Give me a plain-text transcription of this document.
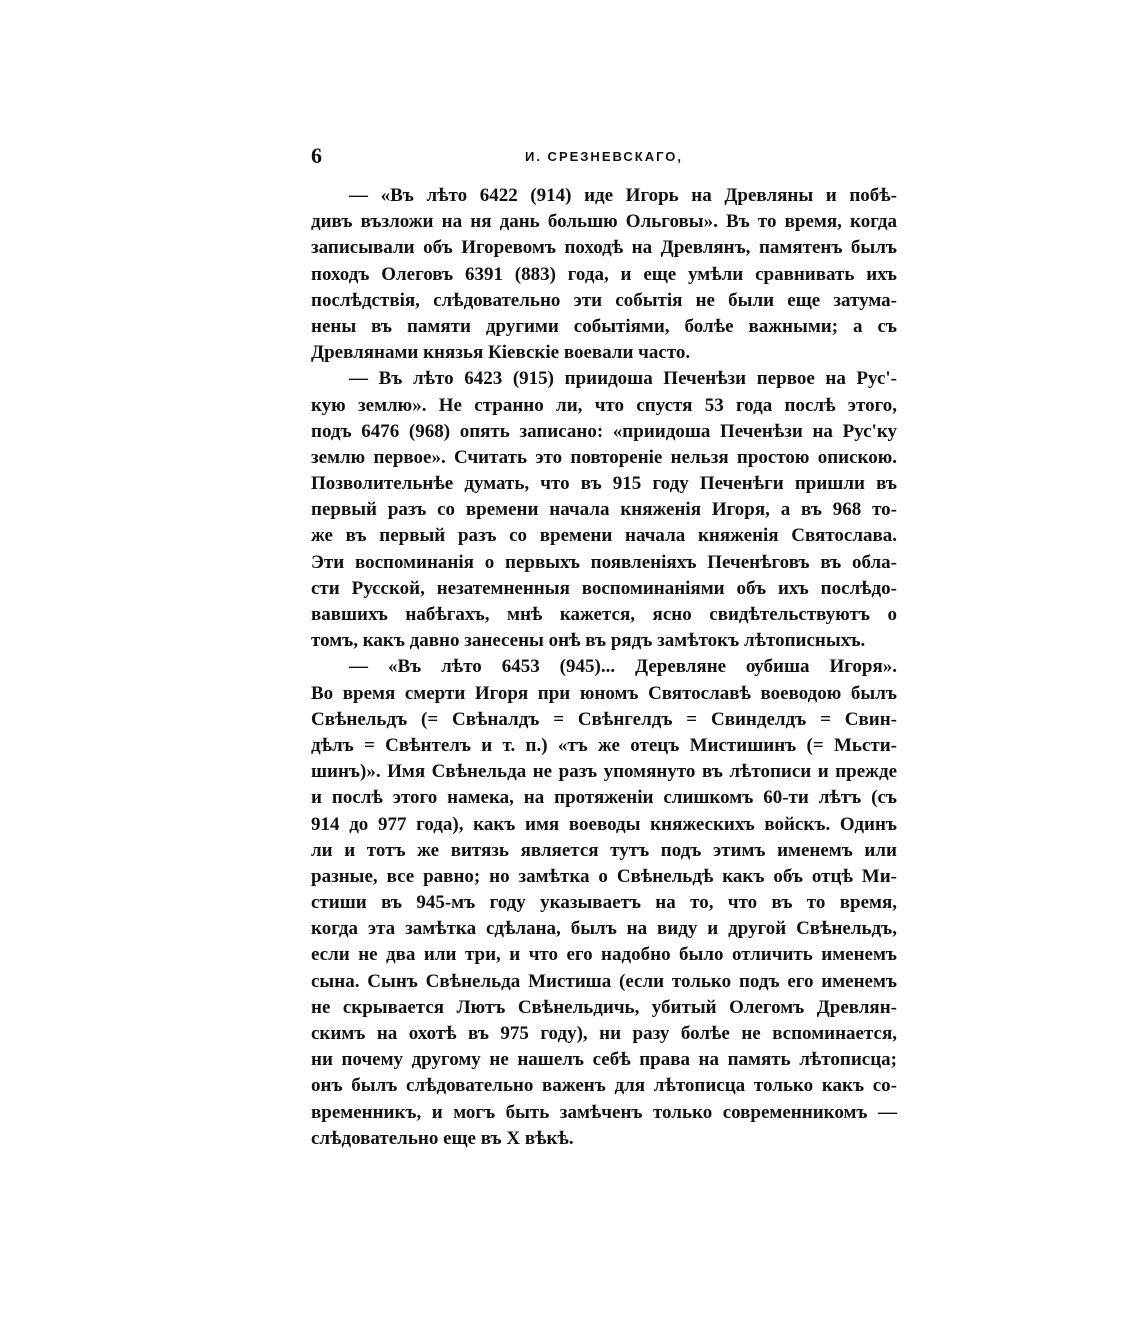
6	И. СРЕЗНЕВСКАГО,

— «Въ лѣто 6422 (914) иде Игорь на Древляны и побѣ-
дивъ възложи на ня дань большю Ольговы». Въ то время, когда
записывали объ Игоревомъ походѣ на Древлянъ, памятенъ былъ
походъ Олеговъ 6391 (883) года, и еще умѣли сравнивать ихъ
послѣдствія, слѣдовательно эти событія не были еще затума-
нены въ памяти другими событіями, болѣе важными; а съ
Древлянами князья Кіевскіе воевали часто.

— Въ лѣто 6423 (915) приидоша Печенѣзи первое на Рус'-
кую землю». Не странно ли, что спустя 53 года послѣ этого,
подъ 6476 (968) опять записано: «приидоша Печенѣзи на Рус'ку
землю первое». Считать это повтореніе нельзя простою опискою.
Позволительнѣе думать, что въ 915 году Печенѣги пришли въ
первый разъ со времени начала княженія Игоря, а въ 968 то-
же въ первый разъ со времени начала княженія Святослава.
Эти воспоминанія о первыхъ появленіяхъ Печенѣговъ въ обла-
сти Русской, незатемненныя воспоминаніями объ ихъ послѣдо-
вавшихъ набѣгахъ, мнѣ кажется, ясно свидѣтельствуютъ о
томъ, какъ давно занесены онѣ въ рядъ замѣтокъ лѣтописныхъ.

— «Въ лѣто 6453 (945)... Деревляне ѹбиша Игоря».
Во время смерти Игоря при юномъ Святославѣ воеводою былъ
Свѣнельдъ (= Свѣналдъ = Свѣнгелдъ = Свинделдъ = Свин-
дѣлъ = Свѣнтелъ и т. п.) «тъ же отецъ Мистишинъ (= Мьсти-
шинъ)». Имя Свѣнельда не разъ упомянуто въ лѣтописи и прежде
и послѣ этого намека, на протяженіи слишкомъ 60-ти лѣтъ (съ
914 до 977 года), какъ имя воеводы княжескихъ войскъ. Одинъ
ли и тотъ же витязь является тутъ подъ этимъ именемъ или
разные, все равно; но замѣтка о Свѣнельдѣ какъ объ отцѣ Ми-
стиши въ 945-мъ году указываетъ на то, что въ то время,
когда эта замѣтка сдѣлана, былъ на виду и другой Свѣнельдъ,
если не два или три, и что его надобно было отличить именемъ
сына. Сынъ Свѣнельда Мистиша (если только подъ его именемъ
не скрывается Лютъ Свѣнельдичь, убитый Олегомъ Древлян-
скимъ на охотѣ въ 975 году), ни разу болѣе не вспоминается,
ни почему другому не нашелъ себѣ права на память лѣтописца;
онъ былъ слѣдовательно важенъ для лѣтописца только какъ со-
временникъ, и могъ быть замѣченъ только современникомъ —
слѣдовательно еще въ X вѣкѣ.
